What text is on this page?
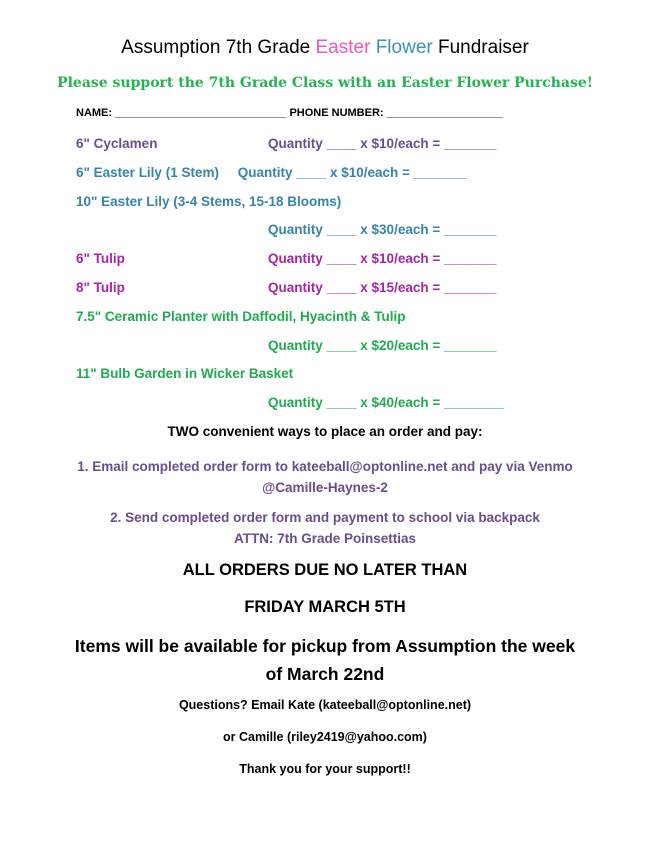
Assumption 7th Grade Easter Flower Fundraiser
Please support the 7th Grade Class with an Easter Flower Purchase!
NAME: ____________________________ PHONE NUMBER: ___________________
6" Cyclamen	Quantity ____ x $10/each = _______
6" Easter Lily (1 Stem)     Quantity ____ x $10/each = _______
10" Easter Lily (3-4 Stems, 15-18 Blooms)
Quantity ____ x $30/each = _______
6" Tulip	Quantity ____ x $10/each = _______
8" Tulip	Quantity ____ x $15/each = _______
7.5" Ceramic Planter with Daffodil, Hyacinth & Tulip
Quantity ____ x $20/each = _______
11" Bulb Garden in Wicker Basket
Quantity ____ x $40/each = ________
TWO convenient ways to place an order and pay:
1. Email completed order form to kateeball@optonline.net and pay via Venmo @Camille-Haynes-2
2. Send completed order form and payment to school via backpack ATTN: 7th Grade Poinsettias
ALL ORDERS DUE NO LATER THAN
FRIDAY MARCH 5TH
Items will be available for pickup from Assumption the week of March 22nd
Questions? Email Kate (kateeball@optonline.net)
or Camille (riley2419@yahoo.com)
Thank you for your support!!
